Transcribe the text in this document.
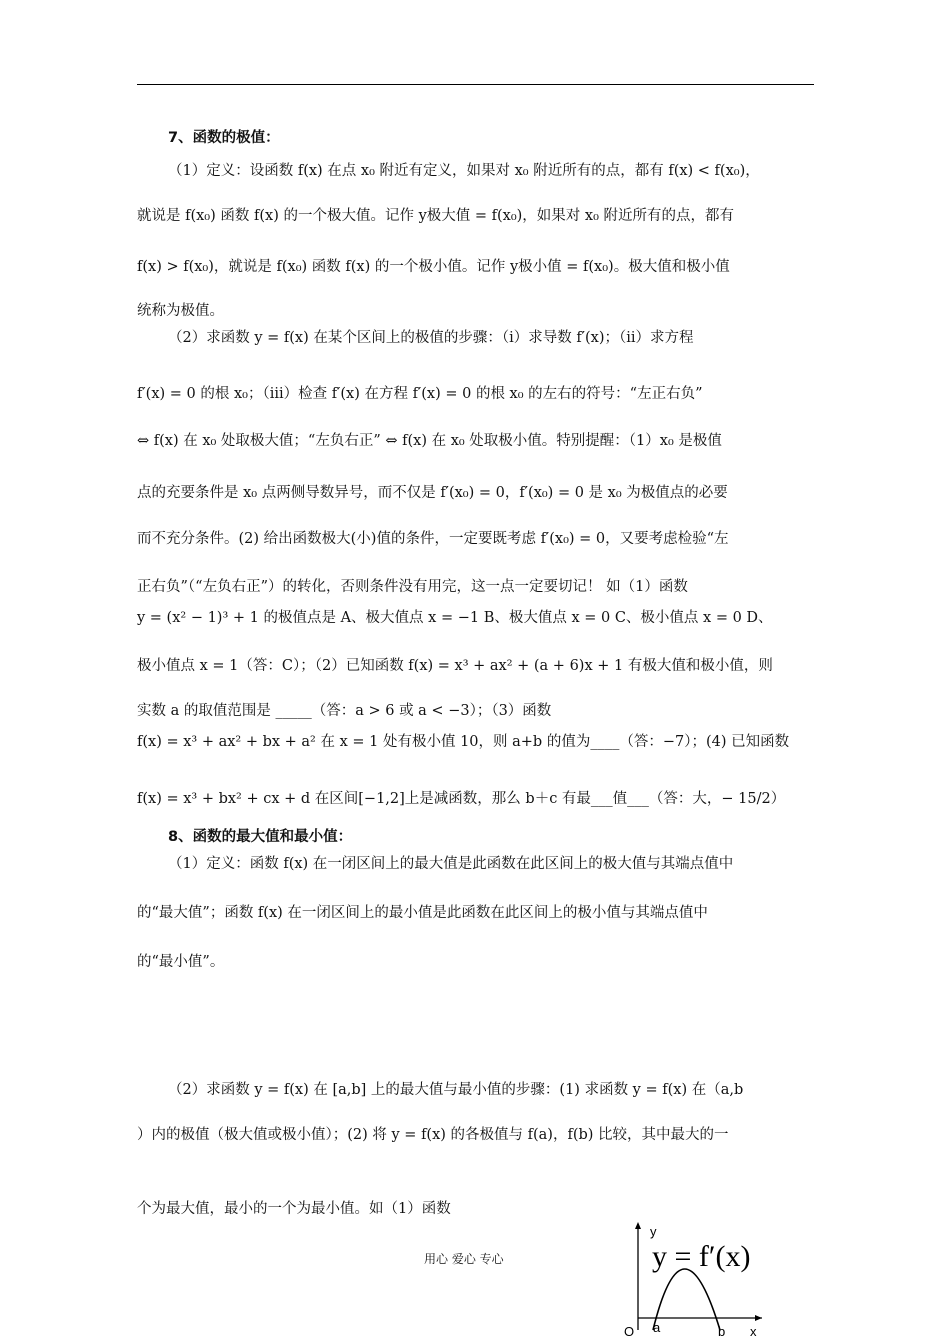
7、函数的极值：
（1）定义：设函数 f(x) 在点 x₀ 附近有定义，如果对 x₀ 附近所有的点，都有 f(x) < f(x₀)，
就说是 f(x₀) 函数 f(x) 的一个极大值。记作 y极大值 = f(x₀)，如果对 x₀ 附近所有的点，都有
f(x) > f(x₀)，就说是 f(x₀) 函数 f(x) 的一个极小值。记作 y极小值 = f(x₀)。极大值和极小值
统称为极值。
（2）求函数 y = f(x) 在某个区间上的极值的步骤：（i）求导数 f′(x)；（ii）求方程
f′(x) = 0 的根 x₀；（iii）检查 f′(x) 在方程 f′(x) = 0 的根 x₀ 的左右的符号：“左正右负”
⇔ f(x) 在 x₀ 处取极大值；“左负右正” ⇔ f(x) 在 x₀ 处取极小值。特别提醒：（1）x₀ 是极值
点的充要条件是 x₀ 点两侧导数异号，而不仅是 f′(x₀) = 0，f′(x₀) = 0 是 x₀ 为极值点的必要
而不充分条件。(2) 给出函数极大(小)值的条件，一定要既考虑 f′(x₀) = 0，又要考虑检验“左
正右负”（“左负右正”）的转化，否则条件没有用完，这一点一定要切记！ 如（1）函数
y = (x² − 1)³ + 1 的极值点是 A、极大值点 x = −1 B、极大值点 x = 0 C、极小值点 x = 0 D、
极小值点 x = 1（答：C）；（2）已知函数 f(x) = x³ + ax² + (a + 6)x + 1 有极大值和极小值，则
实数 a 的取值范围是 _____（答：a > 6 或 a < −3）；（3）函数
f(x) = x³ + ax² + bx + a² 在 x = 1 处有极小值 10，则 a+b 的值为____（答：−7）；(4) 已知函数
f(x) = x³ + bx² + cx + d 在区间[−1,2]上是减函数，那么 b＋c 有最___值___（答：大，− 15/2）
8、函数的最大值和最小值：
（1）定义：函数 f(x) 在一闭区间上的最大值是此函数在此区间上的极大值与其端点值中
的“最大值”；函数 f(x) 在一闭区间上的最小值是此函数在此区间上的极小值与其端点值中
的“最小值”。
（2）求函数 y = f(x) 在 [a,b] 上的最大值与最小值的步骤：(1) 求函数 y = f(x) 在（a,b
）内的极值（极大值或极小值）；(2) 将 y = f(x) 的各极值与 f(a)，f(b) 比较，其中最大的一
个为最大值，最小的一个为最小值。如（1）函数
用心 爱心 专心	y = f′(x)
y
x
O a	b
